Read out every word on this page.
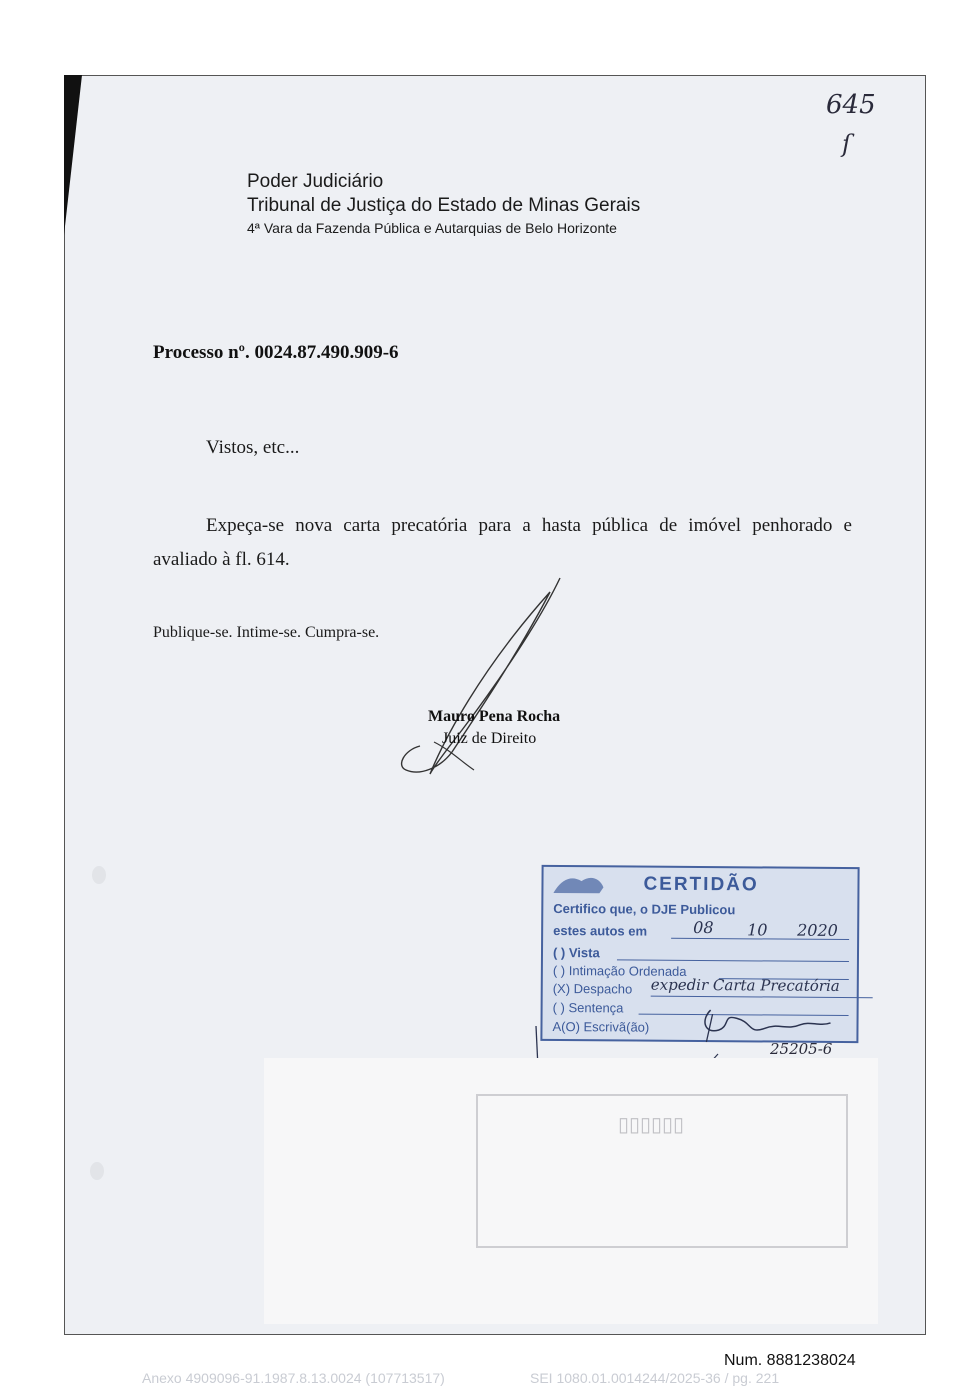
645
ſ
Poder Judiciário
Tribunal de Justiça do Estado de Minas Gerais
4ª Vara da Fazenda Pública e Autarquias de Belo Horizonte
Processo nº. 0024.87.490.909-6
Vistos, etc...
Expeça-se nova carta precatória para a hasta pública de imóvel penhorado e
avaliado à fl. 614.
Publique-se. Intime-se. Cumpra-se.
Mauro Pena Rocha
Juiz de Direito
CERTIDÃO
Certifico que, o DJE Publicou
estes autos em	08 10 2020
( ) Vista
( ) Intimação Ordenada
(X) Despacho expedir Carta Precatória
( ) Sentença
A(O) Escrivã(ão)
25205-6
▯▯▯▯▯▯
Num. 8881238024
Anexo 4909096-91.1987.8.13.0024 (107713517)	SEI 1080.01.0014244/2025-36 / pg. 221
